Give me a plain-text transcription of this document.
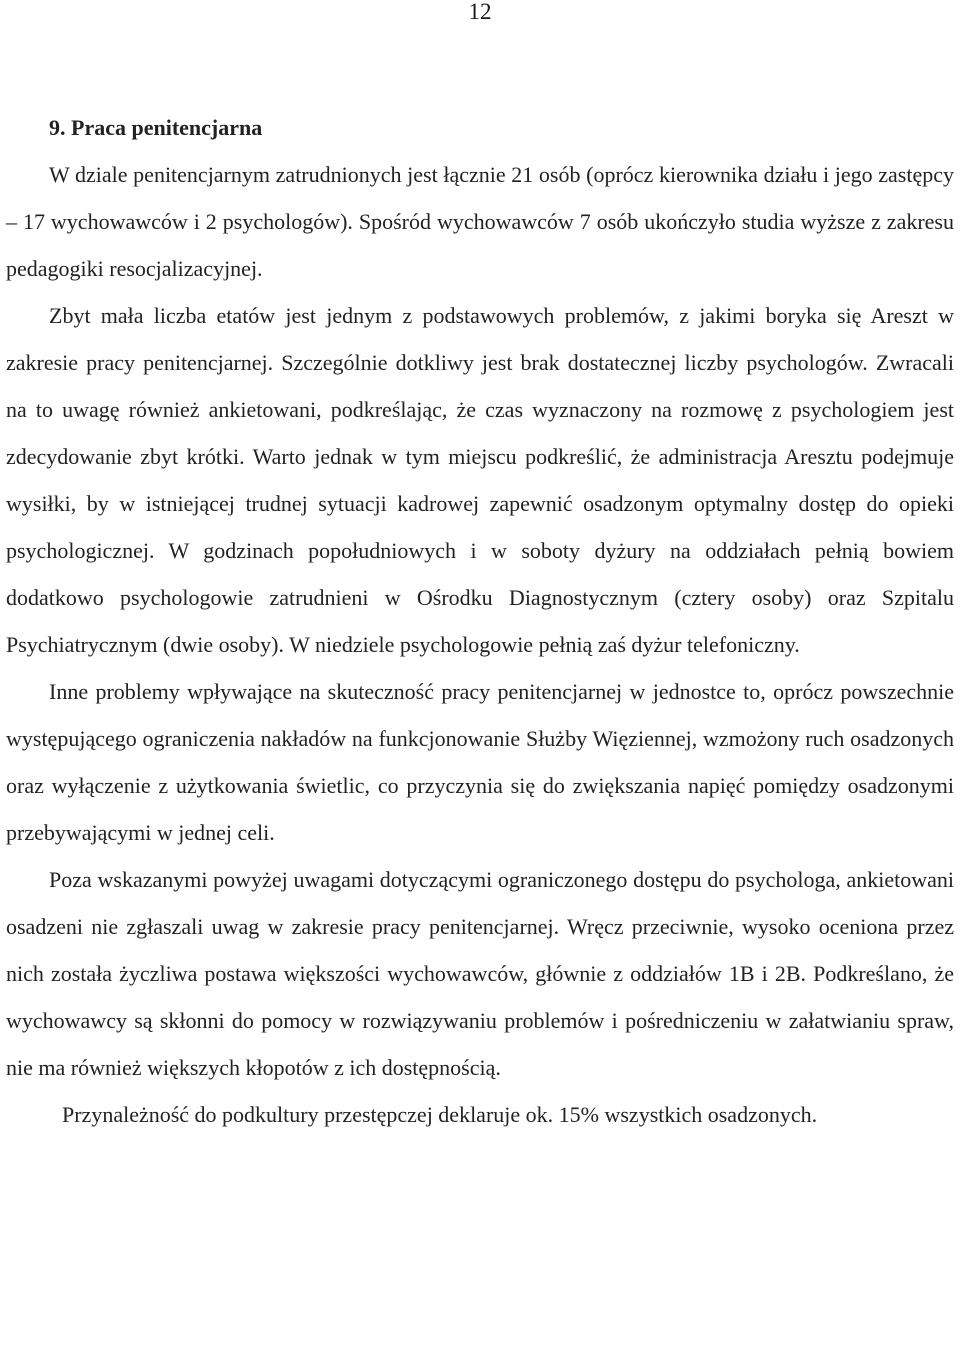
12
9. Praca penitencjarna

W dziale penitencjarnym zatrudnionych jest łącznie 21 osób (oprócz kierownika działu i jego zastępcy – 17 wychowawców i 2 psychologów). Spośród wychowawców 7 osób ukończyło studia wyższe z zakresu pedagogiki resocjalizacyjnej.

Zbyt mała liczba etatów jest jednym z podstawowych problemów, z jakimi boryka się Areszt w zakresie pracy penitencjarnej. Szczególnie dotkliwy jest brak dostatecznej liczby psychologów. Zwracali na to uwagę również ankietowani, podkreślając, że czas wyznaczony na rozmowę z psychologiem jest zdecydowanie zbyt krótki. Warto jednak w tym miejscu podkreślić, że administracja Aresztu podejmuje wysiłki, by w istniejącej trudnej sytuacji kadrowej zapewnić osadzonym optymalny dostęp do opieki psychologicznej. W godzinach popołudniowych i w soboty dyżury na oddziałach pełnią bowiem dodatkowo psychologowie zatrudnieni w Ośrodku Diagnostycznym (cztery osoby) oraz Szpitalu Psychiatrycznym (dwie osoby). W niedziele psychologowie pełnią zaś dyżur telefoniczny.

Inne problemy wpływające na skuteczność pracy penitencjarnej w jednostce to, oprócz powszechnie występującego ograniczenia nakładów na funkcjonowanie Służby Więziennej, wzmożony ruch osadzonych oraz wyłączenie z użytkowania świetlic, co przyczynia się do zwiększania napięć pomiędzy osadzonymi przebywającymi w jednej celi.

Poza wskazanymi powyżej uwagami dotyczącymi ograniczonego dostępu do psychologa, ankietowani osadzeni nie zgłaszali uwag w zakresie pracy penitencjarnej. Wręcz przeciwnie, wysoko oceniona przez nich została życzliwa postawa większości wychowawców, głównie z oddziałów 1B i 2B. Podkreślano, że wychowawcy są skłonni do pomocy w rozwiązywaniu problemów i pośredniczeniu w załatwianiu spraw, nie ma również większych kłopotów z ich dostępnością.

Przynależność do podkultury przestępczej deklaruje ok. 15% wszystkich osadzonych.
